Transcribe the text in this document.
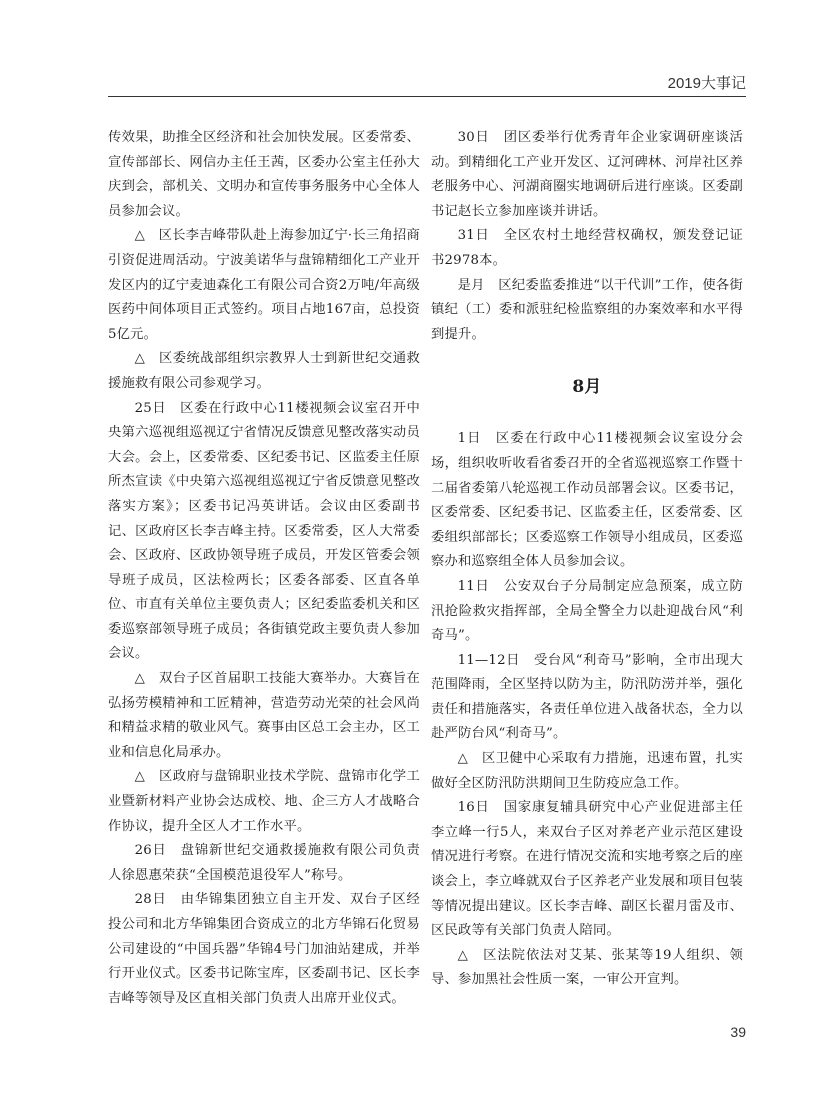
2019大事记

传效果，助推全区经济和社会加快发展。区委常委、宣传部部长、网信办主任王茜，区委办公室主任孙大庆到会，部机关、文明办和宣传事务服务中心全体人员参加会议。

△　区长李吉峰带队赴上海参加辽宁·长三角招商引资促进周活动。宁波美诺华与盘锦精细化工产业开发区内的辽宁麦迪森化工有限公司合资2万吨/年高级医药中间体项目正式签约。项目占地167亩，总投资5亿元。

△　区委统战部组织宗教界人士到新世纪交通救援施救有限公司参观学习。

25日　区委在行政中心11楼视频会议室召开中央第六巡视组巡视辽宁省情况反馈意见整改落实动员大会。会上，区委常委、区纪委书记、区监委主任原所杰宣读《中央第六巡视组巡视辽宁省反馈意见整改落实方案》；区委书记冯英讲话。会议由区委副书记、区政府区长李吉峰主持。区委常委，区人大常委会、区政府、区政协领导班子成员，开发区管委会领导班子成员，区法检两长；区委各部委、区直各单位、市直有关单位主要负责人；区纪委监委机关和区委巡察部领导班子成员；各街镇党政主要负责人参加会议。

△　双台子区首届职工技能大赛举办。大赛旨在弘扬劳模精神和工匠精神，营造劳动光荣的社会风尚和精益求精的敬业风气。赛事由区总工会主办，区工业和信息化局承办。

△　区政府与盘锦职业技术学院、盘锦市化学工业暨新材料产业协会达成校、地、企三方人才战略合作协议，提升全区人才工作水平。

26日　盘锦新世纪交通救援施救有限公司负责人徐恩惠荣获“全国模范退役军人”称号。

28日　由华锦集团独立自主开发、双台子区经投公司和北方华锦集团合资成立的北方华锦石化贸易公司建设的“中国兵器”华锦4号门加油站建成，并举行开业仪式。区委书记陈宝库，区委副书记、区长李吉峰等领导及区直相关部门负责人出席开业仪式。

30日　团区委举行优秀青年企业家调研座谈活动。到精细化工产业开发区、辽河碑林、河岸社区养老服务中心、河湖商圈实地调研后进行座谈。区委副书记赵长立参加座谈并讲话。

31日　全区农村土地经营权确权，颁发登记证书2978本。

是月　区纪委监委推进“以干代训”工作，使各街镇纪（工）委和派驻纪检监察组的办案效率和水平得到提升。

8月

1日　区委在行政中心11楼视频会议室设分会场，组织收听收看省委召开的全省巡视巡察工作暨十二届省委第八轮巡视工作动员部署会议。区委书记，区委常委、区纪委书记、区监委主任，区委常委、区委组织部部长；区委巡察工作领导小组成员，区委巡察办和巡察组全体人员参加会议。

11日　公安双台子分局制定应急预案，成立防汛抢险救灾指挥部，全局全警全力以赴迎战台风“利奇马”。

11—12日　受台风“利奇马”影响，全市出现大范围降雨，全区坚持以防为主，防汛防涝并举，强化责任和措施落实，各责任单位进入战备状态，全力以赴严防台风“利奇马”。

△　区卫健中心采取有力措施，迅速布置，扎实做好全区防汛防洪期间卫生防疫应急工作。

16日　国家康复辅具研究中心产业促进部主任李立峰一行5人，来双台子区对养老产业示范区建设情况进行考察。在进行情况交流和实地考察之后的座谈会上，李立峰就双台子区养老产业发展和项目包装等情况提出建议。区长李吉峰、副区长翟月雷及市、区民政等有关部门负责人陪同。

△　区法院依法对艾某、张某等19人组织、领导、参加黑社会性质一案，一审公开宣判。

39
